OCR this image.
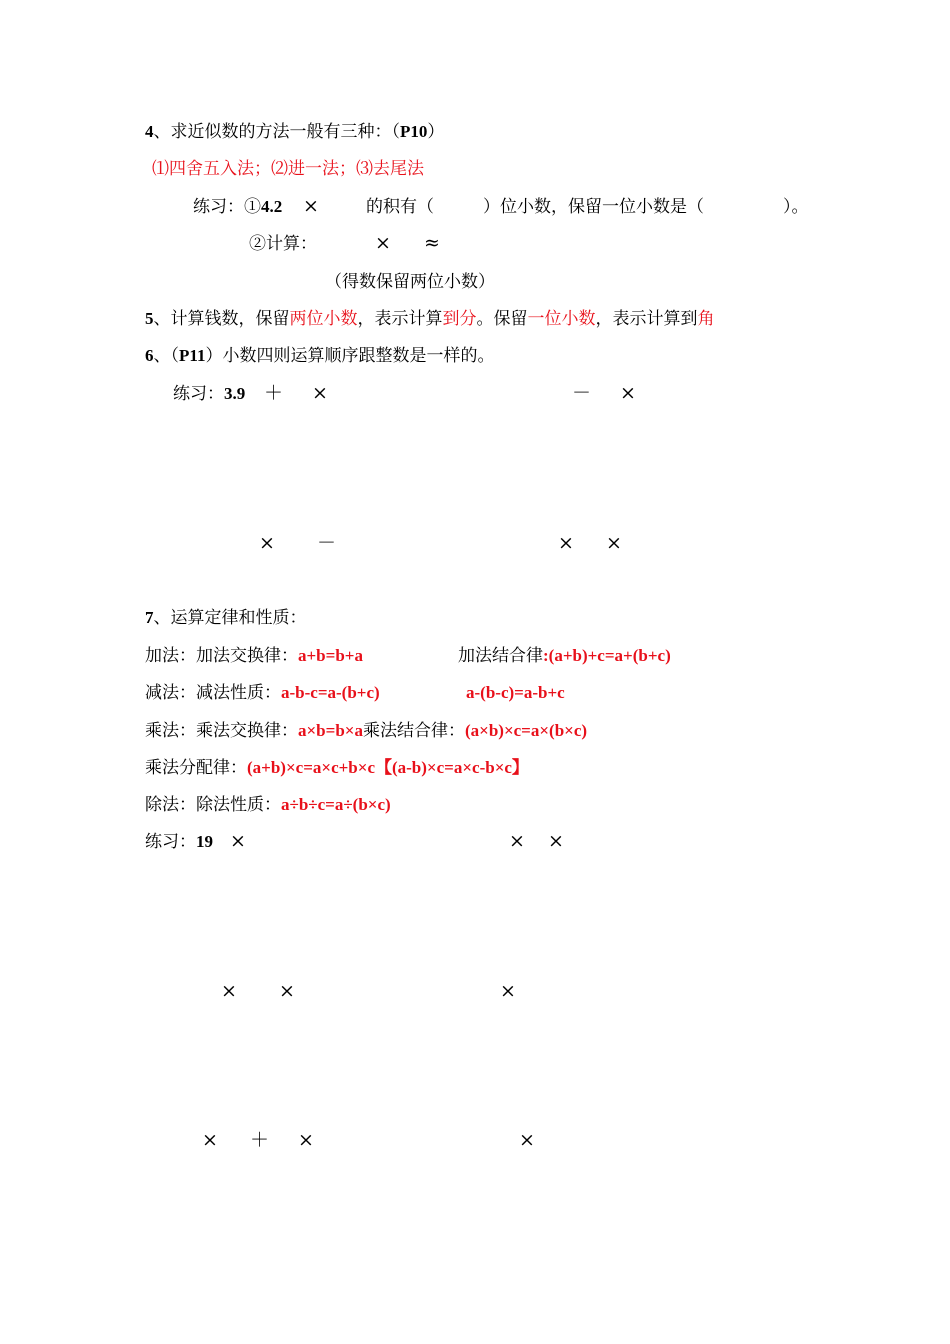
4、求近似数的方法一般有三种：（P10）
⑴四舍五入法；⑵进一法；⑶去尾法
练习：①4.2 ×	的积有（	）位小数，保留一位小数是（	）。
②计算：	× ≈
（得数保留两位小数）
5、计算钱数，保留两位小数，表示计算到分。保留一位小数，表示计算到角
6、（P11）小数四则运算顺序跟整数是一样的。
练习：3.9 ＋ ×	－ ×
× －	× ×
7、运算定律和性质：
加法：加法交换律：a+b=b+a	加法结合律:(a+b)+c=a+(b+c)
减法：减法性质：a-b-c=a-(b+c)	a-(b-c)=a-b+c
乘法：乘法交换律：a×b=b×a乘法结合律：(a×b)×c=a×(b×c)
乘法分配律：(a+b)×c=a×c+b×c【(a-b)×c=a×c-b×c】
除法：除法性质：a÷b÷c=a÷(b×c)
练习：19 ×	× ×
× ×	×
× ＋ ×	×
